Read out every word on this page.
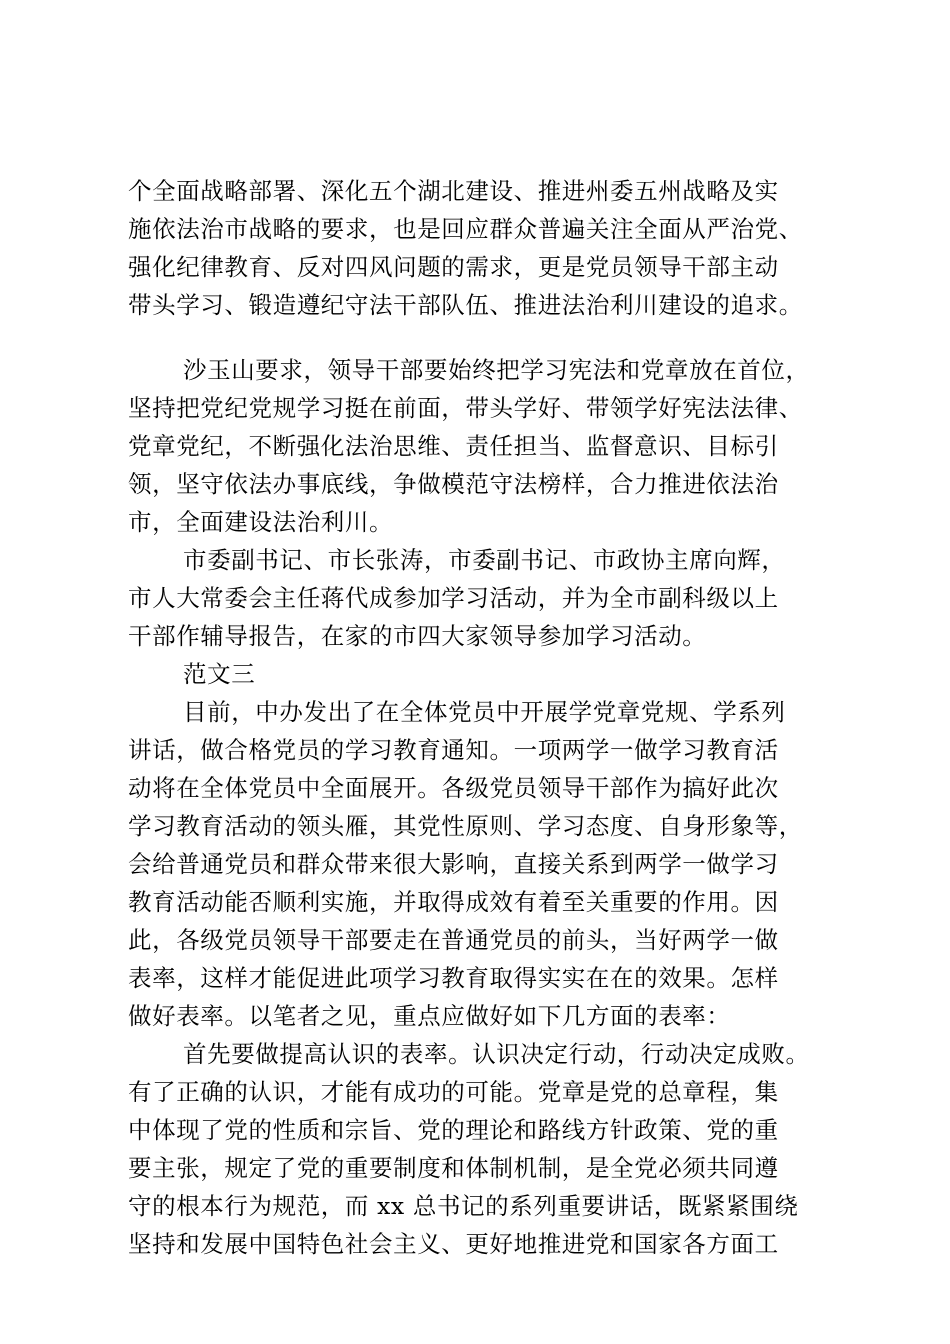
个全面战略部署、深化五个湖北建设、推进州委五州战略及实
施依法治市战略的要求，也是回应群众普遍关注全面从严治党、
强化纪律教育、反对四风问题的需求，更是党员领导干部主动
带头学习、锻造遵纪守法干部队伍、推进法治利川建设的追求。
沙玉山要求，领导干部要始终把学习宪法和党章放在首位，
坚持把党纪党规学习挺在前面，带头学好、带领学好宪法法律、
党章党纪，不断强化法治思维、责任担当、监督意识、目标引
领，坚守依法办事底线，争做模范守法榜样，合力推进依法治
市，全面建设法治利川。
市委副书记、市长张涛，市委副书记、市政协主席向辉，
市人大常委会主任蒋代成参加学习活动，并为全市副科级以上
干部作辅导报告，在家的市四大家领导参加学习活动。
范文三
目前，中办发出了在全体党员中开展学党章党规、学系列
讲话，做合格党员的学习教育通知。一项两学一做学习教育活
动将在全体党员中全面展开。各级党员领导干部作为搞好此次
学习教育活动的领头雁，其党性原则、学习态度、自身形象等，
会给普通党员和群众带来很大影响，直接关系到两学一做学习
教育活动能否顺利实施，并取得成效有着至关重要的作用。因
此，各级党员领导干部要走在普通党员的前头，当好两学一做
表率，这样才能促进此项学习教育取得实实在在的效果。怎样
做好表率。以笔者之见，重点应做好如下几方面的表率：
首先要做提高认识的表率。认识决定行动，行动决定成败。
有了正确的认识，才能有成功的可能。党章是党的总章程，集
中体现了党的性质和宗旨、党的理论和路线方针政策、党的重
要主张，规定了党的重要制度和体制机制，是全党必须共同遵
守的根本行为规范，而 xx 总书记的系列重要讲话，既紧紧围绕
坚持和发展中国特色社会主义、更好地推进党和国家各方面工
